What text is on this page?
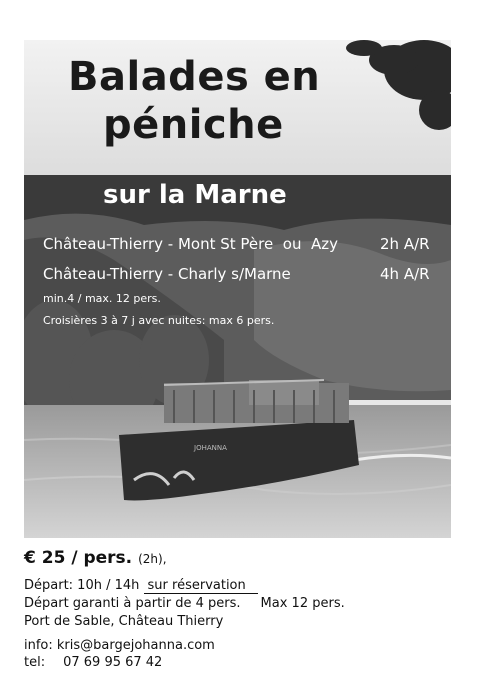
JOHANNA
Balades en
péniche
sur la Marne
Château-Thierry - Mont St Père  ou  Azy	2h A/R
Château-Thierry - Charly s/Marne	4h A/R
min.4 / max. 12 pers.
Croisières 3 à 7 j avec nuites: max 6 pers.
€ 25 / pers. (2h),
Départ: 10h / 14h sur réservation
Départ garanti à partir de 4 pers. Max 12 pers.
Port de Sable, Château Thierry
info: kris@bargejohanna.com
tel: 07 69 95 67 42
